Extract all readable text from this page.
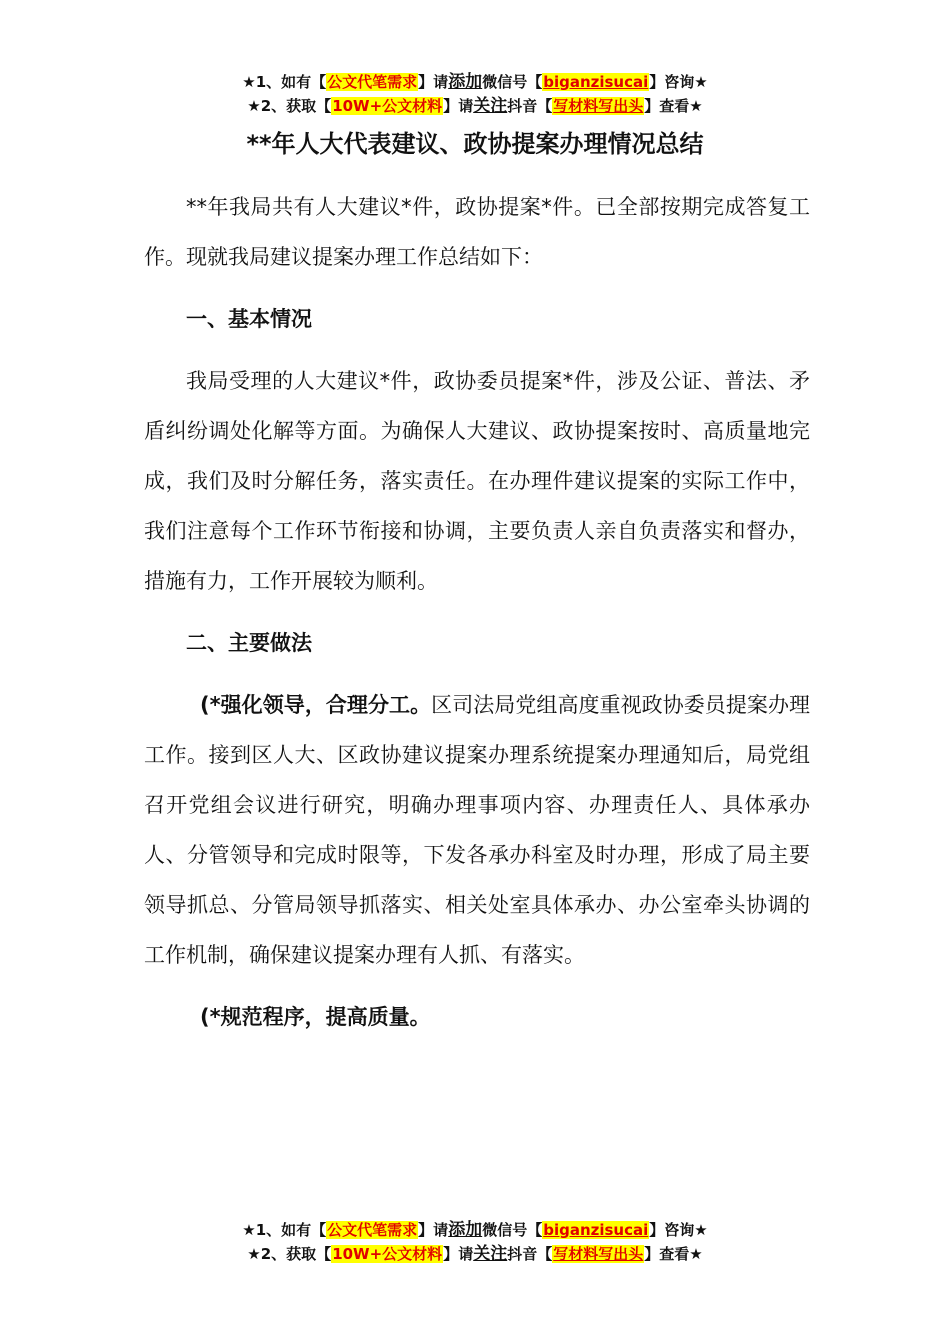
★1、如有【公文代笔需求】请添加微信号【biganzisucai】咨询★
★2、获取【10W+公文材料】请关注抖音【写材料写出头】查看★
**年人大代表建议、政协提案办理情况总结

**年我局共有人大建议*件，政协提案*件。已全部按期完成答复工作。现就我局建议提案办理工作总结如下：

一、基本情况

我局受理的人大建议*件，政协委员提案*件，涉及公证、普法、矛盾纠纷调处化解等方面。为确保人大建议、政协提案按时、高质量地完成，我们及时分解任务，落实责任。在办理件建议提案的实际工作中，我们注意每个工作环节衔接和协调，主要负责人亲自负责落实和督办，措施有力，工作开展较为顺利。

二、主要做法

(*强化领导，合理分工。区司法局党组高度重视政协委员提案办理工作。接到区人大、区政协建议提案办理系统提案办理通知后，局党组召开党组会议进行研究，明确办理事项内容、办理责任人、具体承办人、分管领导和完成时限等，下发各承办科室及时办理，形成了局主要领导抓总、分管局领导抓落实、相关处室具体承办、办公室牵头协调的工作机制，确保建议提案办理有人抓、有落实。

(*规范程序，提高质量。

★1、如有【公文代笔需求】请添加微信号【biganzisucai】咨询★
★2、获取【10W+公文材料】请关注抖音【写材料写出头】查看★
